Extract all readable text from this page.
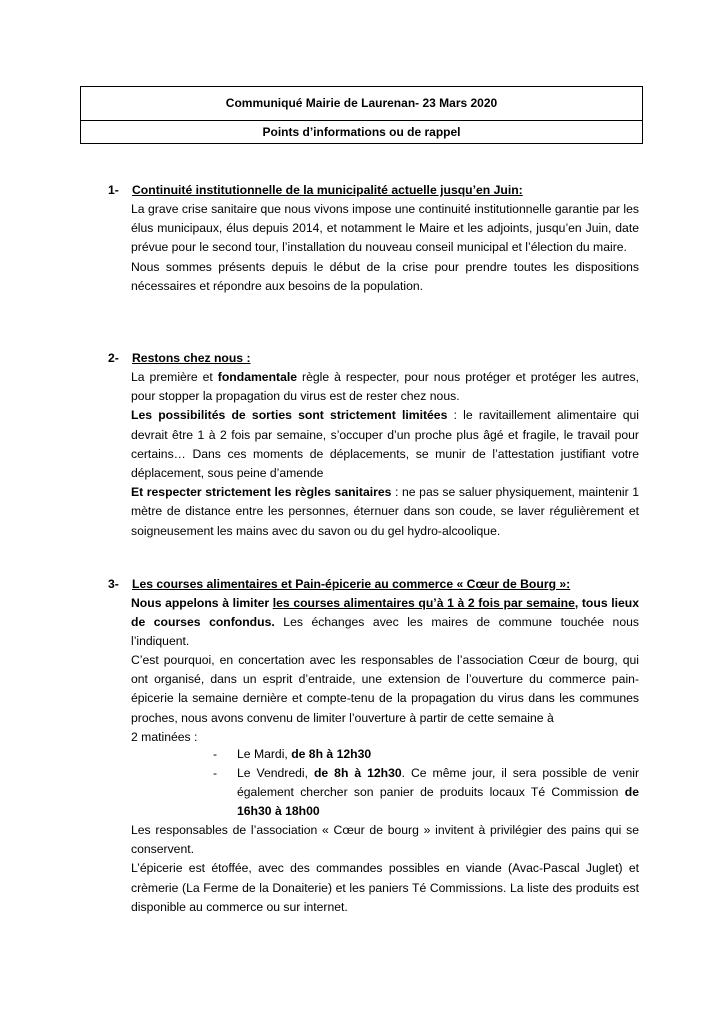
Communiqué Mairie de Laurenan- 23 Mars 2020
Points d’informations ou de rappel
1- Continuité institutionnelle de la municipalité actuelle jusqu’en Juin:

La grave crise sanitaire que nous vivons impose une continuité institutionnelle garantie par les élus municipaux, élus depuis 2014, et notamment le Maire et les adjoints, jusqu’en Juin, date prévue pour le second tour, l’installation du nouveau conseil municipal et l’élection du maire.

Nous sommes présents depuis le début de la crise pour prendre toutes les dispositions nécessaires et répondre aux besoins de la population.

2- Restons chez nous :

La première et fondamentale règle à respecter, pour nous protéger et protéger les autres, pour stopper la propagation du virus est de rester chez nous.

Les possibilités de sorties sont strictement limitées : le ravitaillement alimentaire qui devrait être 1 à 2 fois par semaine, s’occuper d’un proche plus âgé et fragile, le travail pour certains… Dans ces moments de déplacements, se munir de l’attestation justifiant votre déplacement, sous peine d’amende

Et respecter strictement les règles sanitaires : ne pas se saluer physiquement, maintenir 1 mètre de distance entre les personnes, éternuer dans son coude, se laver régulièrement et soigneusement les mains avec du savon ou du gel hydro-alcoolique.

3- Les courses alimentaires et Pain-épicerie au commerce « Cœur de Bourg »:

Nous appelons à limiter les courses alimentaires qu’à 1 à 2 fois par semaine, tous lieux de courses confondus. Les échanges avec les maires de commune touchée nous l’indiquent.

C’est pourquoi, en concertation avec les responsables de l’association Cœur de bourg, qui ont organisé, dans un esprit d’entraide, une extension de l’ouverture du commerce pain-épicerie la semaine dernière et compte-tenu de la propagation du virus dans les communes proches, nous avons convenu de limiter l’ouverture à partir de cette semaine à

2 matinées :

- Le Mardi, de 8h à 12h30
- Le Vendredi, de 8h à 12h30. Ce même jour, il sera possible de venir également chercher son panier de produits locaux Té Commission de 16h30 à 18h00

Les responsables de l’association « Cœur de bourg » invitent à privilégier des pains qui se conservent.

L’épicerie est étoffée, avec des commandes possibles en viande (Avac-Pascal Juglet) et crèmerie (La Ferme de la Donaiterie) et les paniers Té Commissions. La liste des produits est disponible au commerce ou sur internet.
